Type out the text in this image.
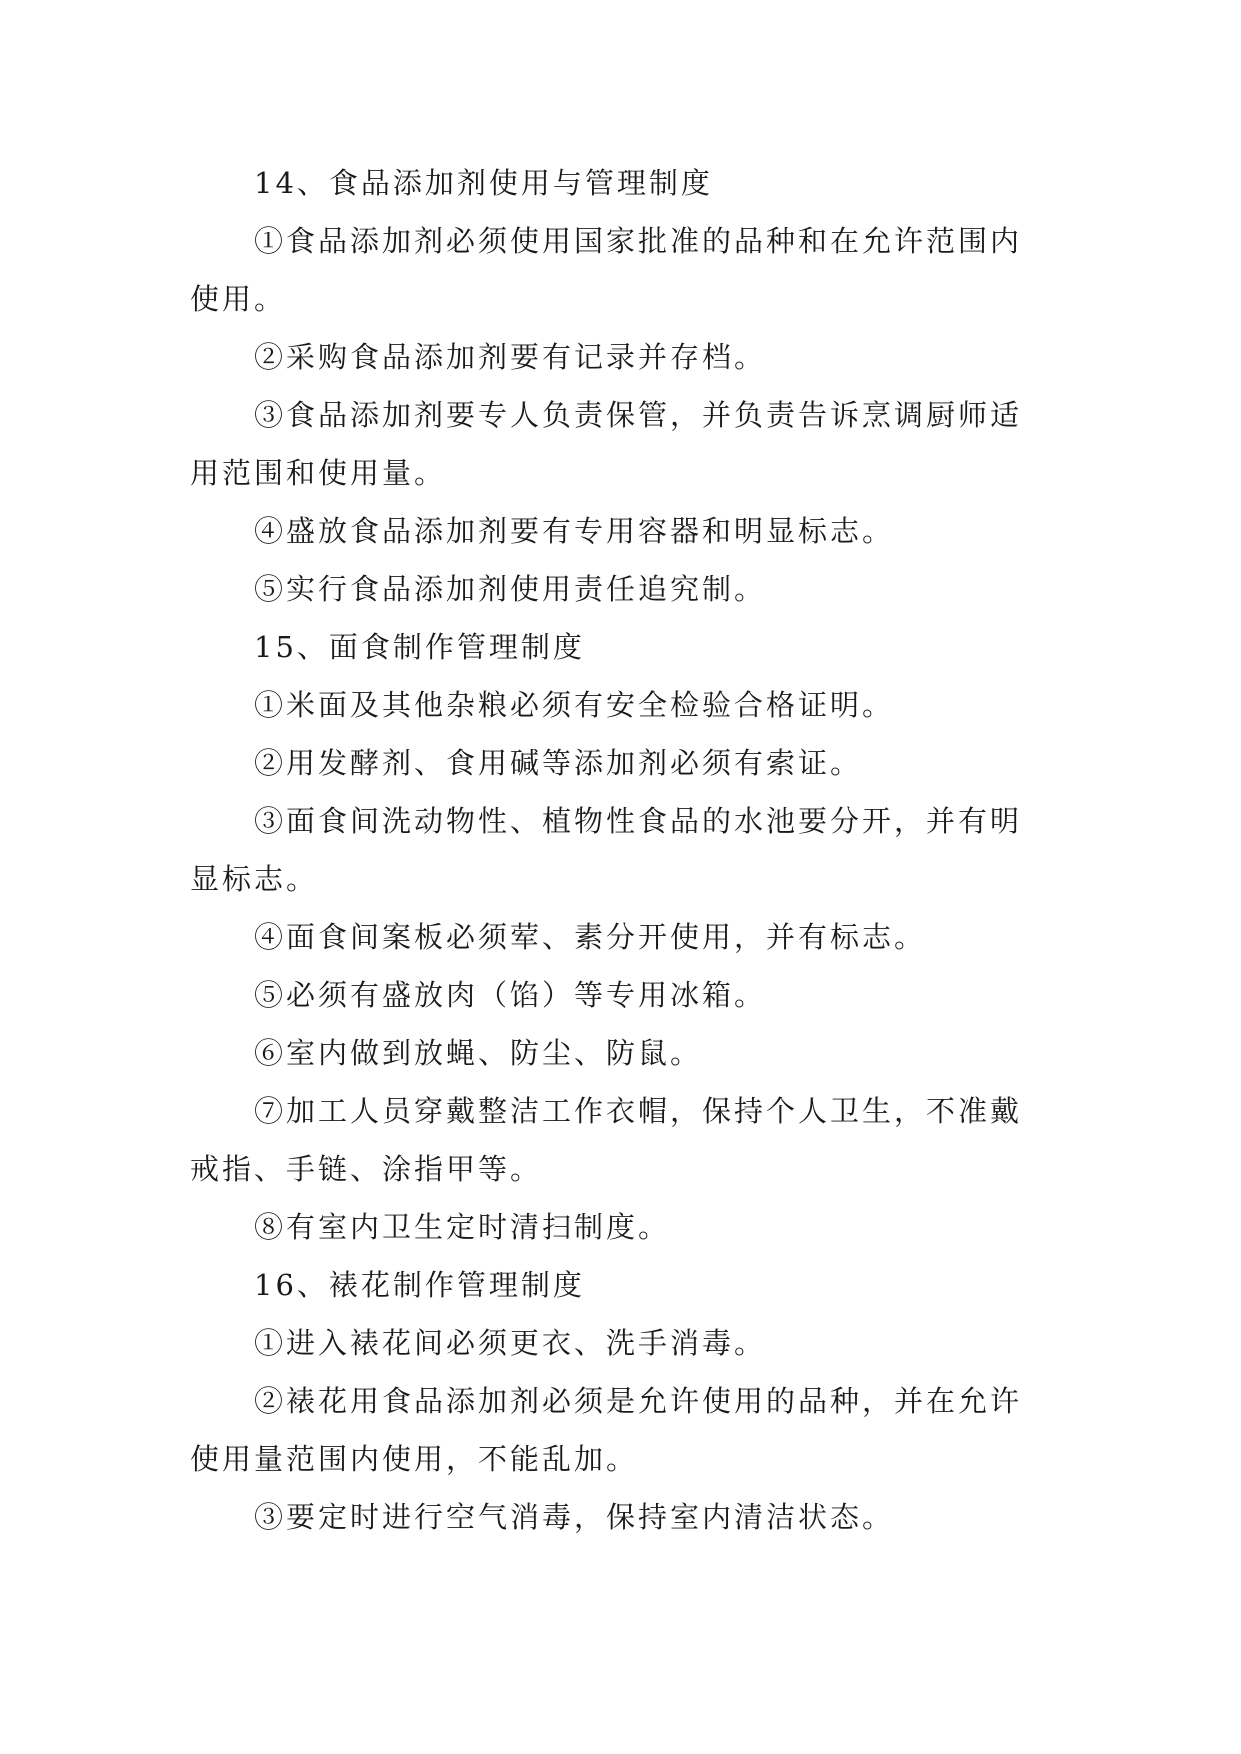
14、食品添加剂使用与管理制度

①食品添加剂必须使用国家批准的品种和在允许范围内使用。

②采购食品添加剂要有记录并存档。

③食品添加剂要专人负责保管，并负责告诉烹调厨师适用范围和使用量。

④盛放食品添加剂要有专用容器和明显标志。

⑤实行食品添加剂使用责任追究制。

15、面食制作管理制度

①米面及其他杂粮必须有安全检验合格证明。

②用发酵剂、食用碱等添加剂必须有索证。

③面食间洗动物性、植物性食品的水池要分开，并有明显标志。

④面食间案板必须荤、素分开使用，并有标志。

⑤必须有盛放肉（馅）等专用冰箱。

⑥室内做到放蝇、防尘、防鼠。

⑦加工人员穿戴整洁工作衣帽，保持个人卫生，不准戴戒指、手链、涂指甲等。

⑧有室内卫生定时清扫制度。

16、裱花制作管理制度

①进入裱花间必须更衣、洗手消毒。

②裱花用食品添加剂必须是允许使用的品种，并在允许使用量范围内使用，不能乱加。

③要定时进行空气消毒，保持室内清洁状态。
